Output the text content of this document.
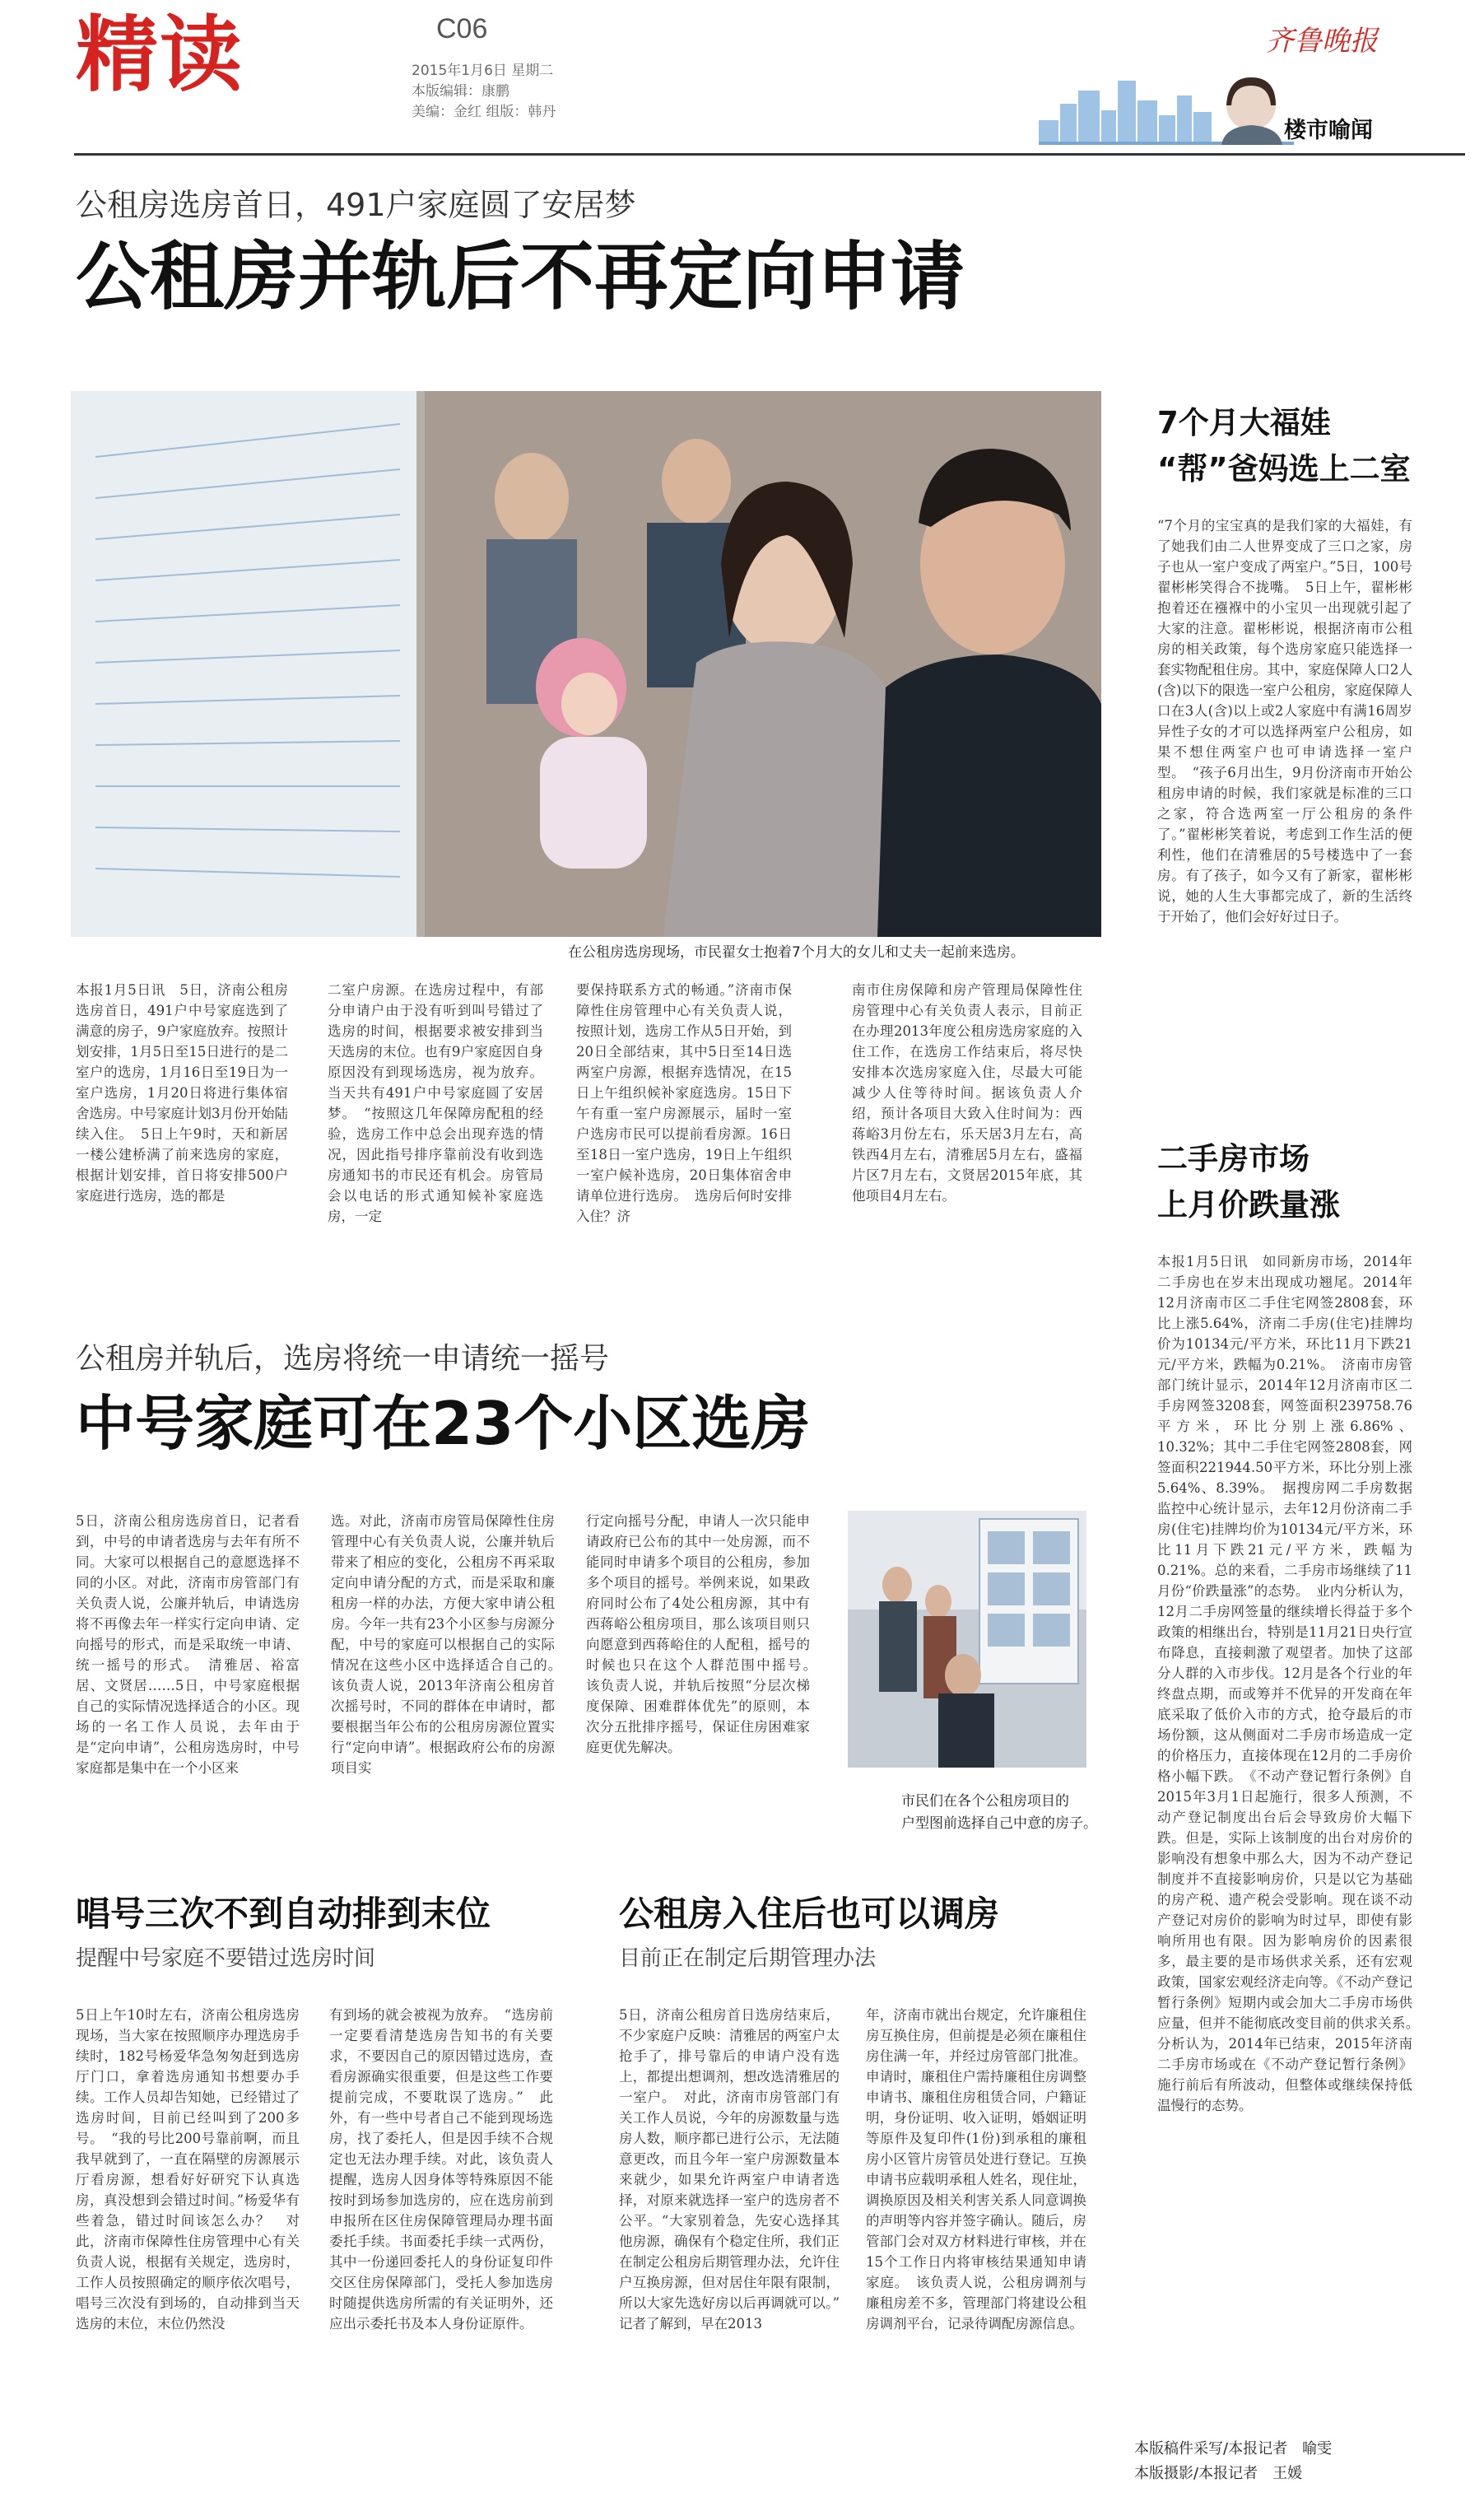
精读	C06
2015年1月6日 星期二
本版编辑：康鹏
美编：金红 组版：韩丹
齐鲁晚报
楼市喻闻
公租房选房首日，491户家庭圆了安居梦
公租房并轨后不再定向申请
在公租房选房现场，市民翟女士抱着7个月大的女儿和丈夫一起前来选房。
本报1月5日讯　5日，济南公租房选房首日，491户中号家庭选到了满意的房子，9户家庭放弃。按照计划安排，1月5日至15日进行的是二室户的选房，1月16日至19日为一室户选房，1月20日将进行集体宿舍选房。中号家庭计划3月份开始陆续入住。　5日上午9时，天和新居一楼公建桥满了前来选房的家庭，根据计划安排，首日将安排500户家庭进行选房，选的都是
二室户房源。在选房过程中，有部分申请户由于没有听到叫号错过了选房的时间，根据要求被安排到当天选房的末位。也有9户家庭因自身原因没有到现场选房，视为放弃。当天共有491户中号家庭圆了安居梦。　“按照这几年保障房配租的经验，选房工作中总会出现弃选的情况，因此指号排序靠前没有收到选房通知书的市民还有机会。房管局会以电话的形式通知候补家庭选房，一定
要保持联系方式的畅通。”济南市保障性住房管理中心有关负责人说，按照计划，选房工作从5日开始，到20日全部结束，其中5日至14日选两室户房源，根据弃选情况，在15日上午组织候补家庭选房。15日下午有重一室户房源展示，届时一室户选房市民可以提前看房源。16日至18日一室户选房，19日上午组织一室户候补选房，20日集体宿舍申请单位进行选房。　选房后何时安排入住？济
南市住房保障和房产管理局保障性住房管理中心有关负责人表示，目前正在办理2013年度公租房选房家庭的入住工作，在选房工作结束后，将尽快安排本次选房家庭入住，尽最大可能减少人住等待时间。据该负责人介绍，预计各项目大致入住时间为：西蒋峪3月份左右，乐天居3月左右，高铁西4月左右，清雅居5月左右，盛福片区7月左右，文贤居2015年底，其他项目4月左右。
7个月大福娃
“帮”爸妈选上二室
“7个月的宝宝真的是我们家的大福娃，有了她我们由二人世界变成了三口之家，房子也从一室户变成了两室户。”5日，100号翟彬彬笑得合不拢嘴。　5日上午，翟彬彬抱着还在襁褓中的小宝贝一出现就引起了大家的注意。翟彬彬说，根据济南市公租房的相关政策，每个选房家庭只能选择一套实物配租住房。其中，家庭保障人口2人(含)以下的限选一室户公租房，家庭保障人口在3人(含)以上或2人家庭中有满16周岁异性子女的才可以选择两室户公租房，如果不想住两室户也可申请选择一室户型。　“孩子6月出生，9月份济南市开始公租房申请的时候，我们家就是标准的三口之家，符合选两室一厅公租房的条件了。”翟彬彬笑着说，考虑到工作生活的便利性，他们在清雅居的5号楼选中了一套房。有了孩子，如今又有了新家，翟彬彬说，她的人生大事都完成了，新的生活终于开始了，他们会好好过日子。
二手房市场
上月价跌量涨
本报1月5日讯　如同新房市场，2014年二手房也在岁末出现成功翘尾。2014年12月济南市区二手住宅网签2808套，环比上涨5.64%，济南二手房(住宅)挂牌均价为10134元/平方米，环比11月下跌21元/平方米，跌幅为0.21%。　济南市房管部门统计显示，2014年12月济南市区二手房网签3208套，网签面积239758.76平方米，环比分别上涨6.86%、10.32%；其中二手住宅网签2808套，网签面积221944.50平方米，环比分别上涨5.64%、8.39%。　据搜房网二手房数据监控中心统计显示，去年12月份济南二手房(住宅)挂牌均价为10134元/平方米，环比11月下跌21元/平方米，跌幅为0.21%。总的来看，二手房市场继续了11月份“价跌量涨”的态势。　业内分析认为，12月二手房网签量的继续增长得益于多个政策的相继出台，特别是11月21日央行宣布降息，直接刺激了观望者。加快了这部分人群的入市步伐。12月是各个行业的年终盘点期，而或筹并不优异的开发商在年底采取了低价入市的方式，抢夺最后的市场份额，这从侧面对二手房市场造成一定的价格压力，直接体现在12月的二手房价格小幅下跌。　《不动产登记暂行条例》自2015年3月1日起施行，很多人预测，不动产登记制度出台后会导致房价大幅下跌。但是，实际上该制度的出台对房价的影响没有想象中那么大，因为不动产登记制度并不直接影响房价，只是以它为基础的房产税、遗产税会受影响。现在谈不动产登记对房价的影响为时过早，即使有影响所用也有限。因为影响房价的因素很多，最主要的是市场供求关系，还有宏观政策，国家宏观经济走向等。《不动产登记暂行条例》短期内或会加大二手房市场供应量，但并不能彻底改变目前的供求关系。　分析认为，2014年已结束，2015年济南二手房市场或在《不动产登记暂行条例》施行前后有所波动，但整体或继续保持低温慢行的态势。
本版稿件采写/本报记者　喻雯
本版摄影/本报记者　王媛
公租房并轨后，选房将统一申请统一摇号
中号家庭可在23个小区选房
5日，济南公租房选房首日，记者看到，中号的申请者选房与去年有所不同。大家可以根据自己的意愿选择不同的小区。对此，济南市房管部门有关负责人说，公廉并轨后，申请选房将不再像去年一样实行定向申请、定向摇号的形式，而是采取统一申请、统一摇号的形式。　清雅居、裕富居、文贤居……5日，中号家庭根据自己的实际情况选择适合的小区。现场的一名工作人员说，去年由于是“定向申请”，公租房选房时，中号家庭都是集中在一个小区来
选。对此，济南市房管局保障性住房管理中心有关负责人说，公廉并轨后带来了相应的变化，公租房不再采取定向申请分配的方式，而是采取和廉租房一样的办法，方便大家申请公租房。今年一共有23个小区参与房源分配，中号的家庭可以根据自己的实际情况在这些小区中选择适合自己的。　该负责人说，2013年济南公租房首次摇号时，不同的群体在申请时，都要根据当年公布的公租房房源位置实行“定向申请”。根据政府公布的房源项目实
行定向摇号分配，申请人一次只能申请政府已公布的其中一处房源，而不能同时申请多个项目的公租房，参加多个项目的摇号。举例来说，如果政府同时公布了4处公租房源，其中有西蒋峪公租房项目，那么该项目则只向愿意到西蒋峪住的人配租，摇号的时候也只在这个人群范围中摇号。　该负责人说，并轨后按照“分层次梯度保障、困难群体优先”的原则，本次分五批排序摇号，保证住房困难家庭更优先解决。
市民们在各个公租房项目的
户型图前选择自己中意的房子。
唱号三次不到自动排到末位
提醒中号家庭不要错过选房时间
5日上午10时左右，济南公租房选房现场，当大家在按照顺序办理选房手续时，182号杨爱华急匆匆赶到选房厅门口，拿着选房通知书想要办手续。工作人员却告知她，已经错过了选房时间，目前已经叫到了200多号。　“我的号比200号靠前啊，而且我早就到了，一直在隔壁的房源展示厅看房源，想看好好研究下认真选房，真没想到会错过时间。”杨爱华有些着急，错过时间该怎么办？　对此，济南市保障性住房管理中心有关负责人说，根据有关规定，选房时，工作人员按照确定的顺序依次唱号，唱号三次没有到场的，自动排到当天选房的末位，末位仍然没
有到场的就会被视为放弃。　“选房前一定要看清楚选房告知书的有关要求，不要因自己的原因错过选房，查看房源确实很重要，但是这些工作要提前完成，不要耽误了选房。”　此外，有一些中号者自己不能到现场选房，找了委托人，但是因手续不合规定也无法办理手续。对此，该负责人提醒，选房人因身体等特殊原因不能按时到场参加选房的，应在选房前到申报所在区住房保障管理局办理书面委托手续。书面委托手续一式两份，其中一份递回委托人的身份证复印件交区住房保障部门，受托人参加选房时随提供选房所需的有关证明外，还应出示委托书及本人身份证原件。
公租房入住后也可以调房
目前正在制定后期管理办法
5日，济南公租房首日选房结束后，不少家庭户反映：清雅居的两室户太抢手了，排号靠后的申请户没有选上，都提出想调剂，想改选清雅居的一室户。　对此，济南市房管部门有关工作人员说，今年的房源数量与选房人数，顺序都已进行公示，无法随意更改，而且今年一室户房源数量本来就少，如果允许两室户申请者选择，对原来就选择一室户的选房者不公平。“大家别着急，先安心选择其他房源，确保有个稳定住所，我们正在制定公租房后期管理办法，允许住户互换房源，但对居住年限有限制，所以大家先选好房以后再调就可以。”　记者了解到，早在2013
年，济南市就出台规定，允许廉租住房互换住房，但前提是必须在廉租住房住满一年，并经过房管部门批准。申请时，廉租住户需持廉租住房调整申请书、廉租住房租赁合同，户籍证明，身份证明、收入证明，婚姻证明等原件及复印件(1份)到承租的廉租房小区管片房管员处进行登记。互换申请书应载明承租人姓名，现住址，调换原因及相关利害关系人同意调换的声明等内容并签字确认。随后，房管部门会对双方材料进行审核，并在15个工作日内将审核结果通知申请家庭。　该负责人说，公租房调剂与廉租房差不多，管理部门将建设公租房调剂平台，记录待调配房源信息。
